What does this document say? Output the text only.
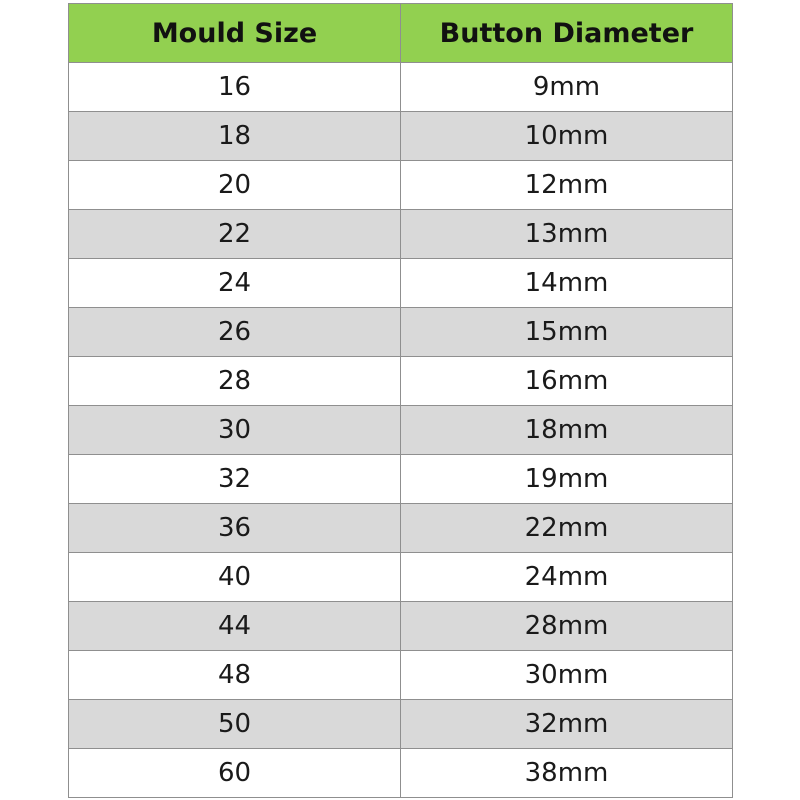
Mould Size	Button Diameter
16	9mm
18	10mm
20	12mm
22	13mm
24	14mm
26	15mm
28	16mm
30	18mm
32	19mm
36	22mm
40	24mm
44	28mm
48	30mm
50	32mm
60	38mm
